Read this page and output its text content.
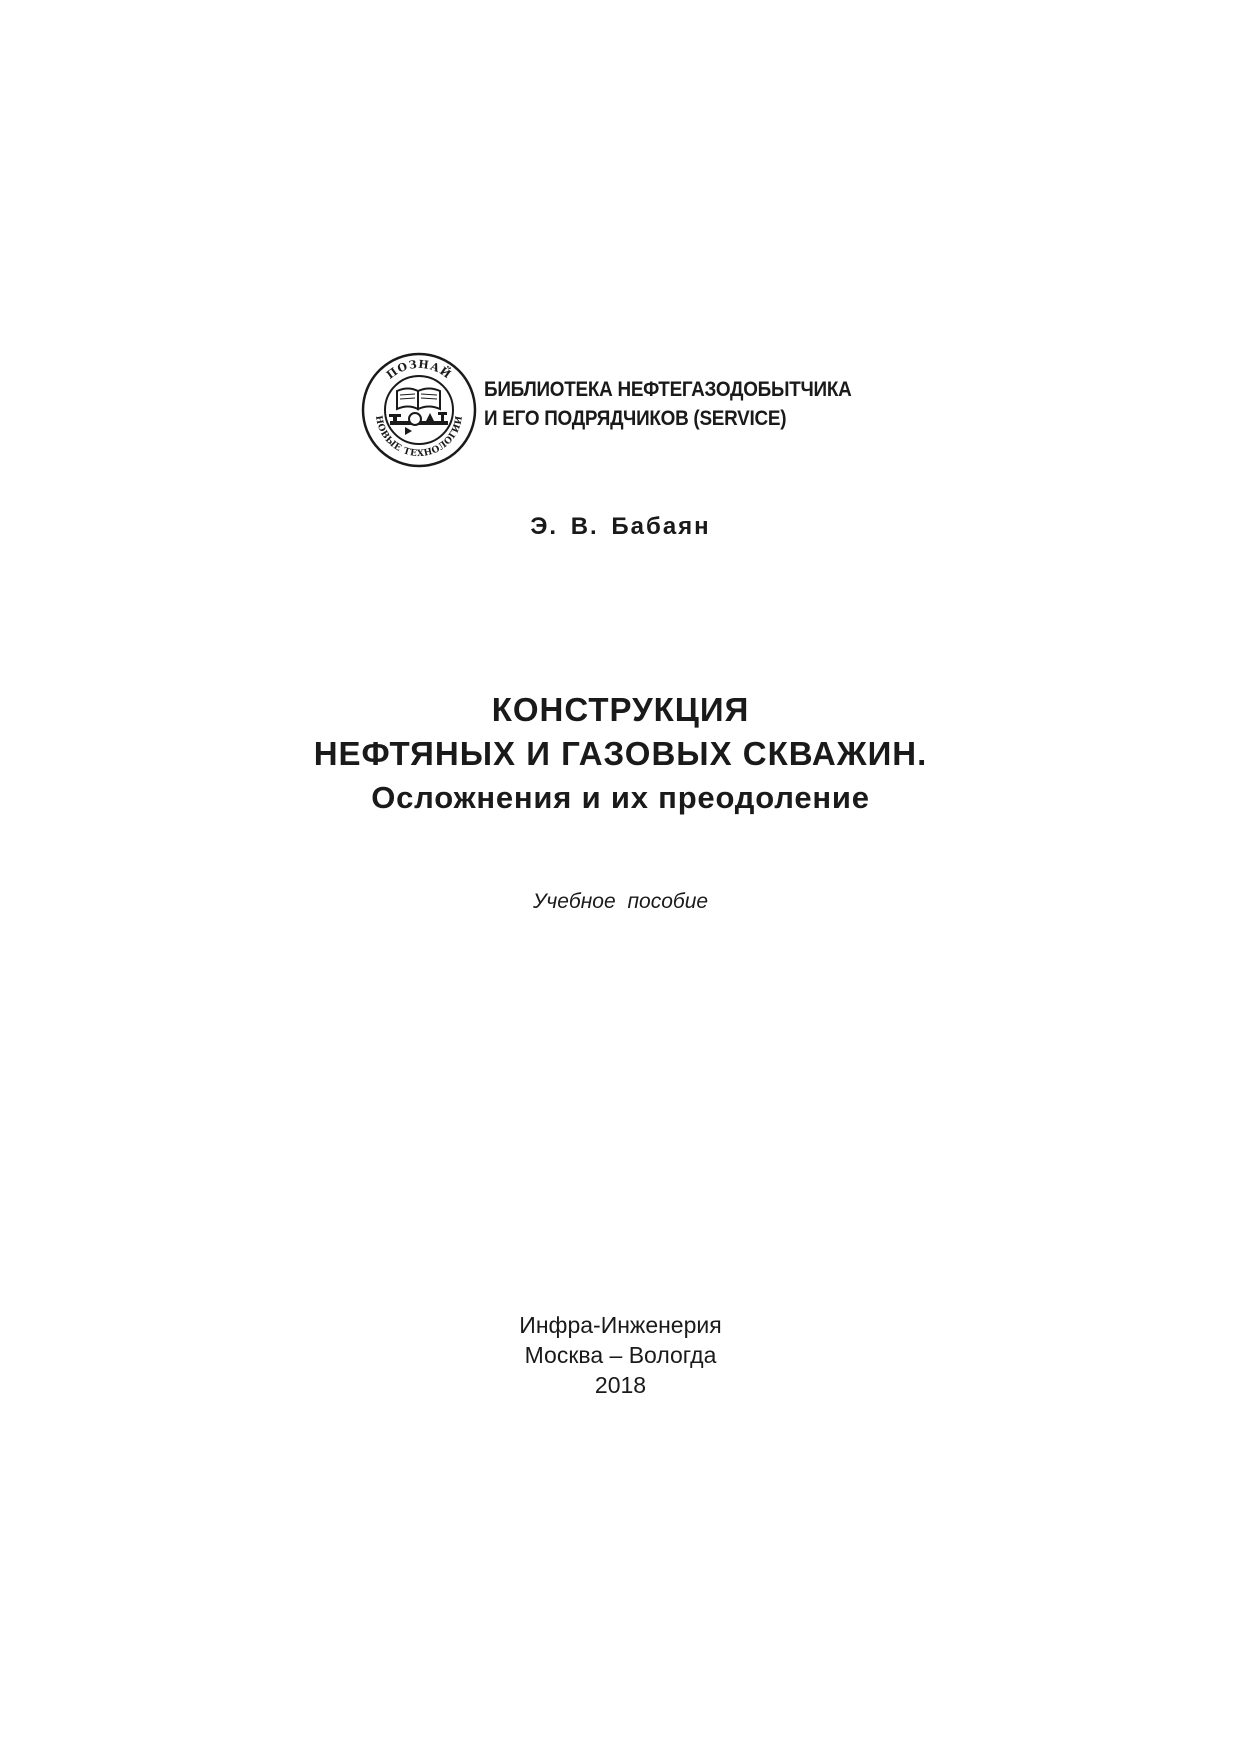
ПОЗНАЙ
НОВЫЕ ТЕХНОЛОГИИ
БИБЛИОТЕКА НЕФТЕГАЗОДОБЫТЧИКА
И ЕГО ПОДРЯДЧИКОВ (SERVICE)
Э. В. Бабаян
КОНСТРУКЦИЯ
НЕФТЯНЫХ И ГАЗОВЫХ СКВАЖИН.
Осложнения и их преодоление
Учебное пособие
Инфра-Инженерия
Москва – Вологда
2018
